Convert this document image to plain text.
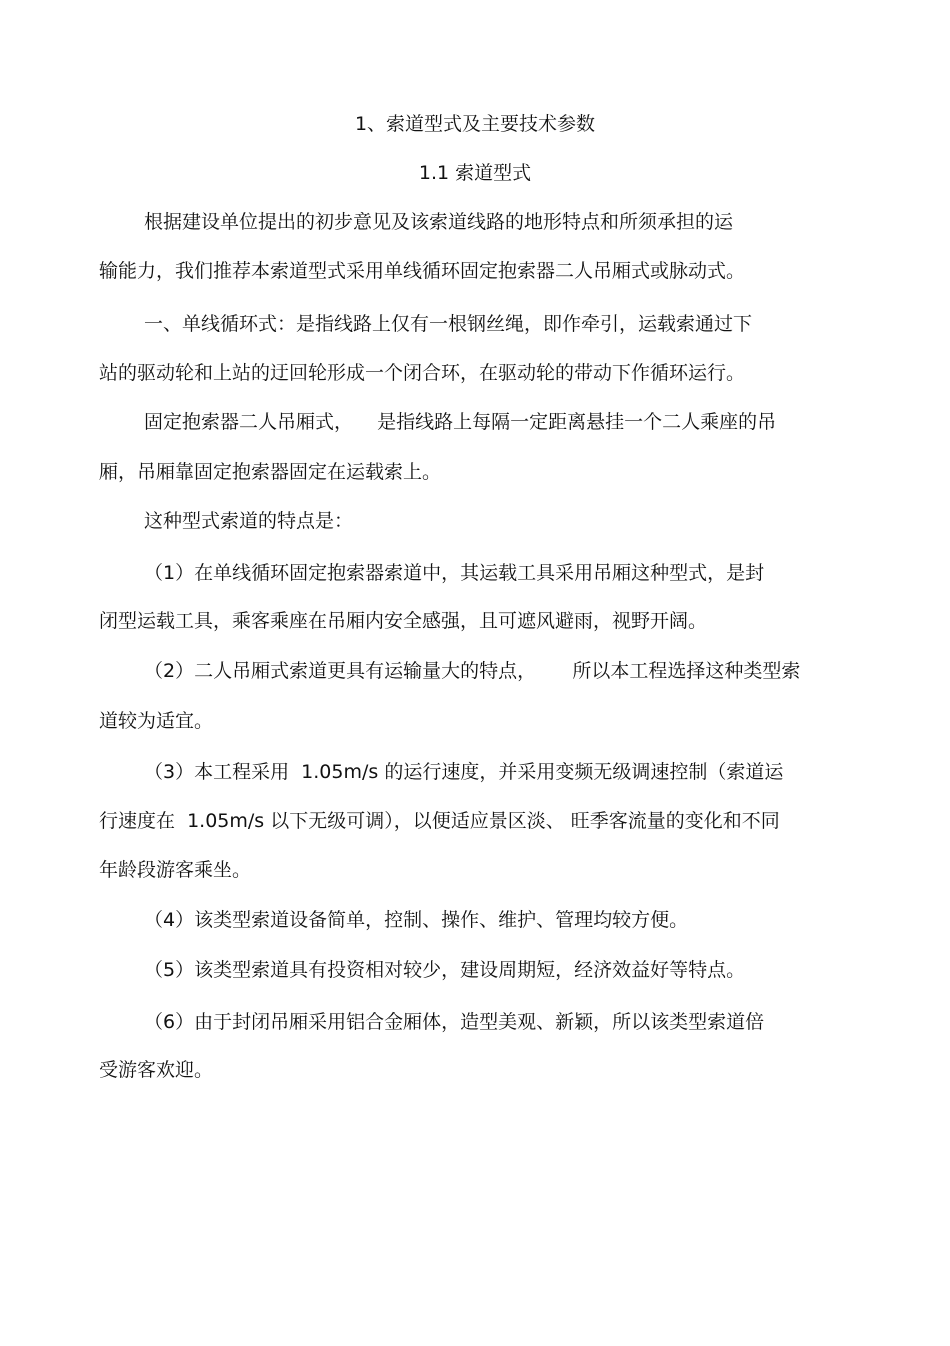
1、索道型式及主要技术参数
1.1 索道型式
根据建设单位提出的初步意见及该索道线路的地形特点和所须承担的运
输能力，我们推荐本索道型式采用单线循环固定抱索器二人吊厢式或脉动式。
一、单线循环式：是指线路上仅有一根钢丝绳，即作牵引，运载索通过下
站的驱动轮和上站的迂回轮形成一个闭合环，在驱动轮的带动下作循环运行。
固定抱索器二人吊厢式，    是指线路上每隔一定距离悬挂一个二人乘座的吊
厢，吊厢靠固定抱索器固定在运载索上。
这种型式索道的特点是：
（1）在单线循环固定抱索器索道中，其运载工具采用吊厢这种型式，是封
闭型运载工具，乘客乘座在吊厢内安全感强，且可遮风避雨，视野开阔。
（2）二人吊厢式索道更具有运输量大的特点，      所以本工程选择这种类型索
道较为适宜。
（3）本工程采用  1.05m/s 的运行速度，并采用变频无级调速控制（索道运
行速度在  1.05m/s 以下无级可调），以便适应景区淡、 旺季客流量的变化和不同
年龄段游客乘坐。
（4）该类型索道设备简单，控制、操作、维护、管理均较方便。
（5）该类型索道具有投资相对较少，建设周期短，经济效益好等特点。
（6）由于封闭吊厢采用铝合金厢体，造型美观、新颖，所以该类型索道倍
受游客欢迎。
